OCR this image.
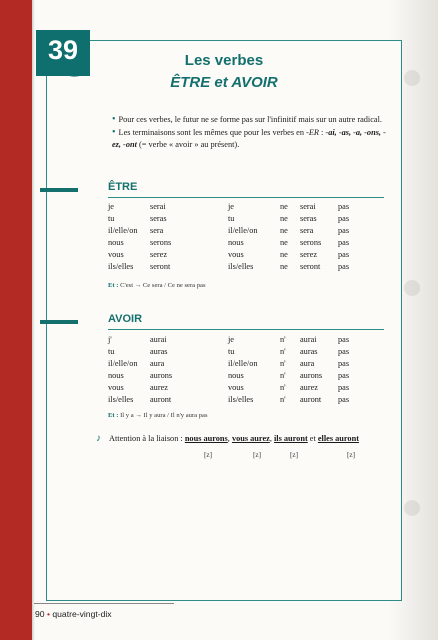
39	Les verbes
ÊTRE et AVOIR
• Pour ces verbes, le futur ne se forme pas sur l'infinitif mais sur un autre radical.
• Les terminaisons sont les mêmes que pour les verbes en -ER : -ai, -as, -a, -ons, -ez, -ont (= verbe « avoir » au présent).
ÊTRE
je	serai	je	ne	serai	pas
tu	seras	tu	ne	seras	pas
il/elle/on	sera	il/elle/on	ne	sera	pas
nous	serons	nous	ne	serons	pas
vous	serez	vous	ne	serez	pas
ils/elles	seront	ils/elles	ne	seront	pas
Et : C'est → Ce sera / Ce ne sera pas
AVOIR
j'	aurai	je	n'	aurai	pas
tu	auras	tu	n'	auras	pas
il/elle/on	aura	il/elle/on	n'	aura	pas
nous	aurons	nous	n'	aurons	pas
vous	aurez	vous	n'	aurez	pas
ils/elles	auront	ils/elles	n'	auront	pas
Et : Il y a → Il y aura / Il n'y aura pas
♪ Attention à la liaison : nous aurons, vous aurez, ils auront et elles auront
[z]	[z]	[z]	[z]
90 • quatre-vingt-dix
